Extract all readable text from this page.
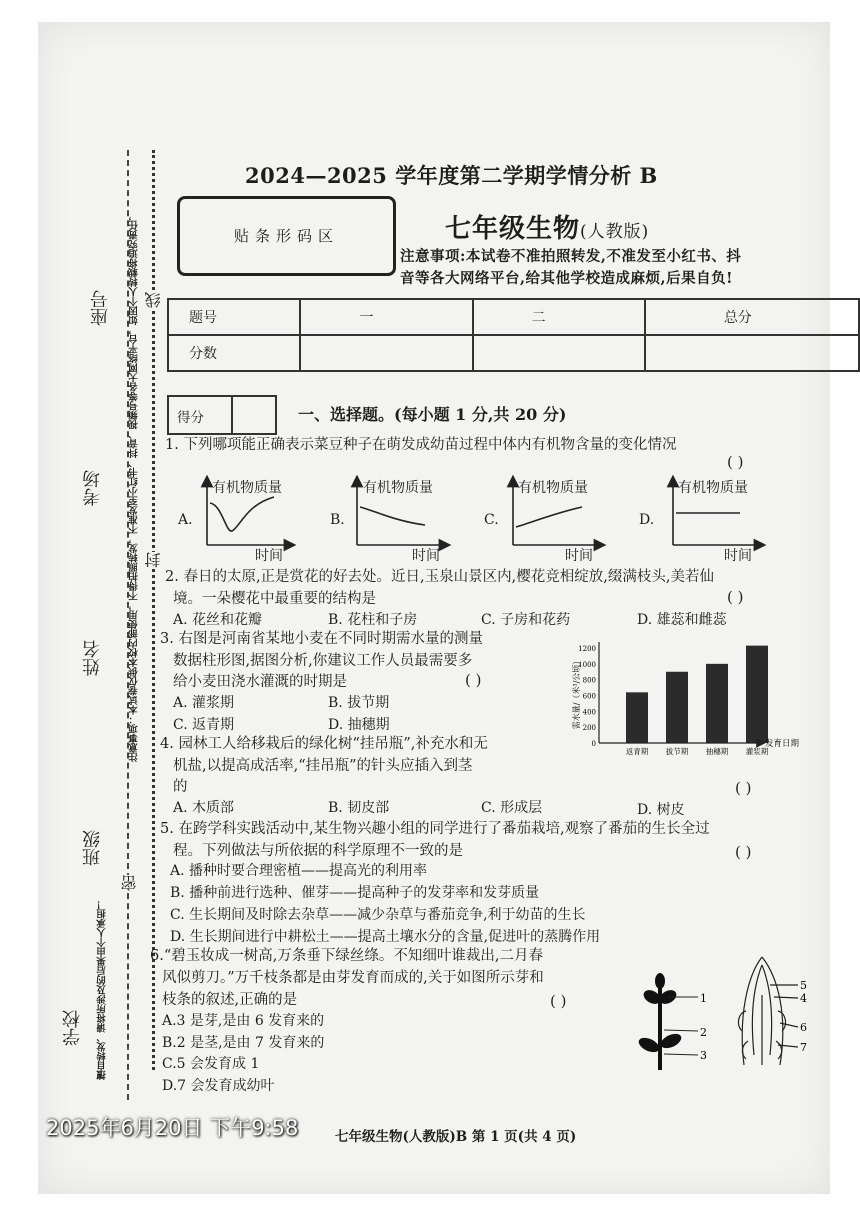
注意事项：本试卷仅供本校内部使用，不得拍照转发，不准发至小红书、抖音、视频号等各大网络平台，如因个人转载将追究责任，
擅自转发、请将所涉及的后果由个人承担！
座号
考场
姓名
班级
学校
线
封
密
2024—2025 学年度第二学期学情分析 B
贴条形码区	七年级生物(人教版)
注意事项:本试卷不准拍照转发,不准发至小红书、抖
音等各大网络平台,给其他学校造成麻烦,后果自负!
题号	一	二	总分
分数			
得分	一、选择题。(每小题 1 分,共 20 分)
1. 下列哪项能正确表示菜豆种子在萌发成幼苗过程中体内有机物含量的变化情况
( )
有机物质量	有机物质量	有机物质量	有机物质量
A.	B.	C.	D.
时间	时间	时间	时间
2. 春日的太原,正是赏花的好去处。近日,玉泉山景区内,樱花竞相绽放,缀满枝头,美若仙
境。一朵樱花中最重要的结构是	( )
A. 花丝和花瓣	B. 花柱和子房	C. 子房和花药	D. 雄蕊和雌蕊
3. 右图是河南省某地小麦在不同时期需水量的测量
数据柱形图,据图分析,你建议工作人员最需要多
给小麦田浇水灌溉的时期是	( )
A. 灌浆期	B. 拔节期
C. 返青期	D. 抽穗期	需水量/（米³/公顷）
0
200
400
600
800
1000
1200
返青期 拔节期 抽穗期 灌浆期
发育日期
4. 园林工人给移栽后的绿化树“挂吊瓶”,补充水和无
机盐,以提高成活率,“挂吊瓶”的针头应插入到茎
的	( )
A. 木质部	B. 韧皮部	C. 形成层	D. 树皮
5. 在跨学科实践活动中,某生物兴趣小组的同学进行了番茄栽培,观察了番茄的生长全过
程。下列做法与所依据的科学原理不一致的是	( )
A. 播种时要合理密植——提高光的利用率
B. 播种前进行选种、催芽——提高种子的发芽率和发芽质量
C. 生长期间及时除去杂草——减少杂草与番茄竞争,利于幼苗的生长
D. 生长期间进行中耕松土——提高土壤水分的含量,促进叶的蒸腾作用
6.“碧玉妆成一树高,万条垂下绿丝绦。不知细叶谁裁出,二月春
风似剪刀。”万千枝条都是由芽发育而成的,关于如图所示芽和
枝条的叙述,正确的是	( )
A.3 是芽,是由 6 发育来的
B.2 是茎,是由 7 发育来的
C.5 会发育成 1
D.7 会发育成幼叶
1
2
3
5
4
6
7
七年级生物(人教版)B 第 1 页(共 4 页)
2025年6月20日 下午9:58
